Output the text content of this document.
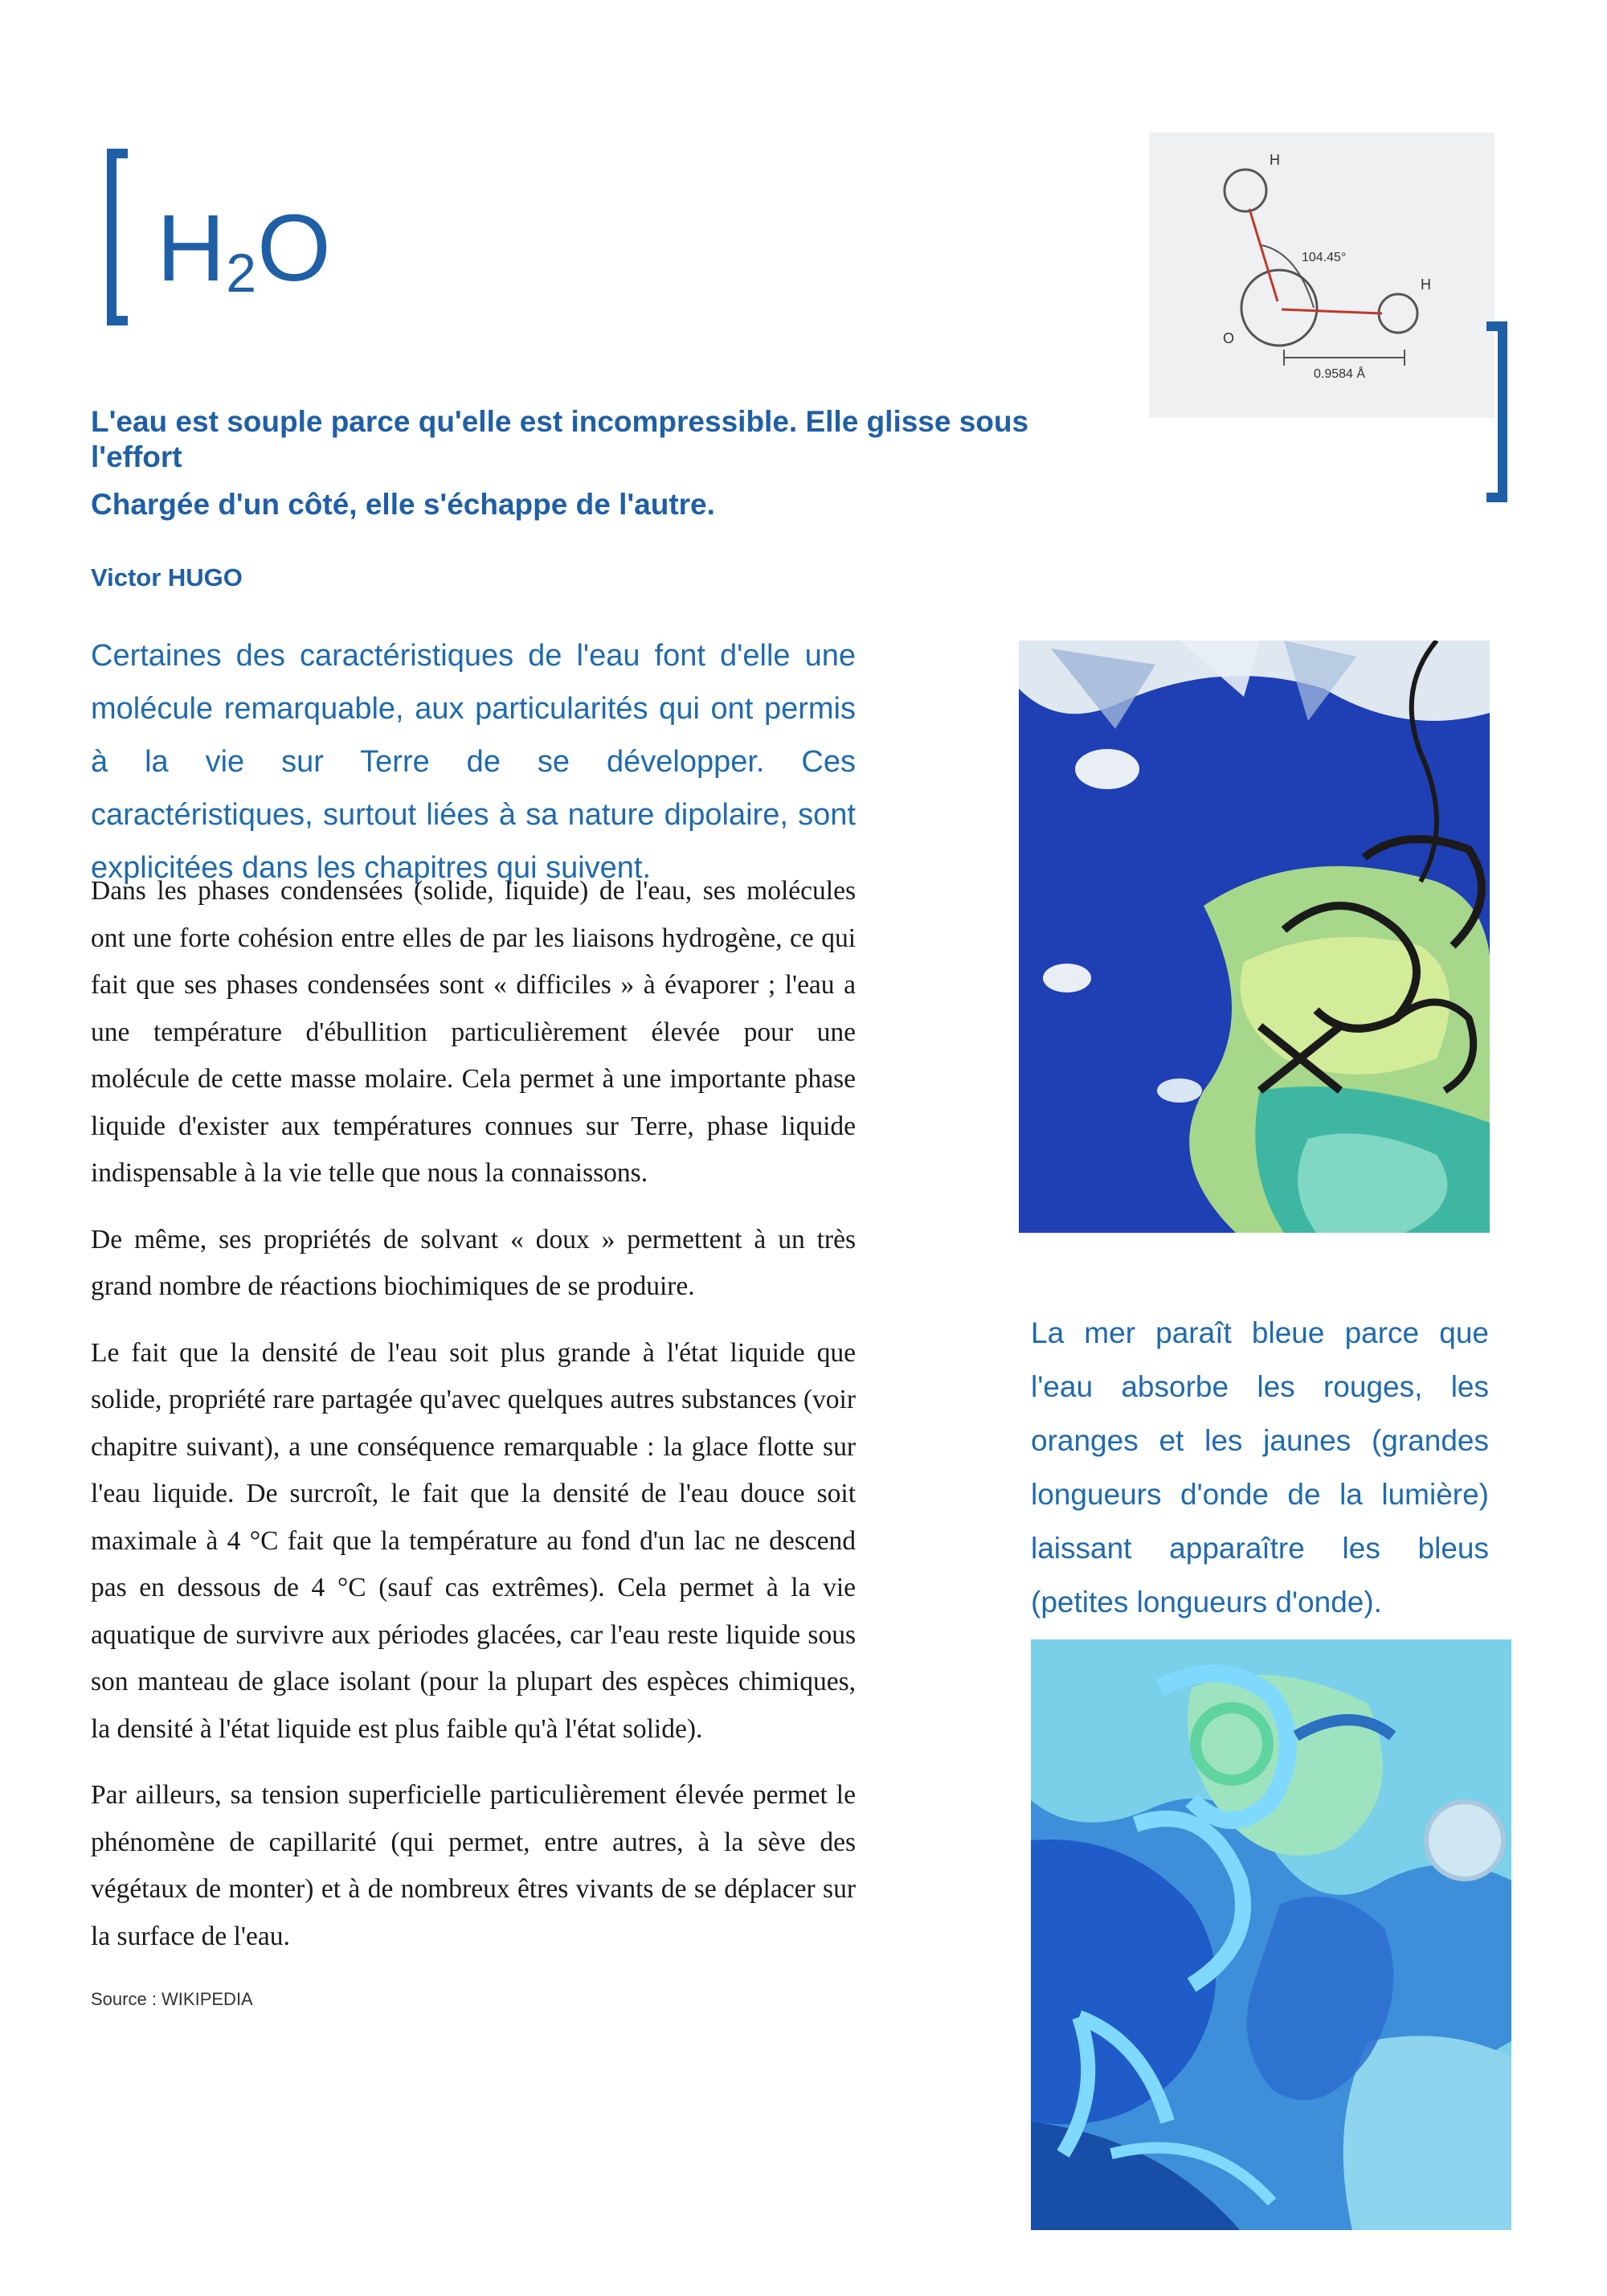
$H_2O$
H
H
O
104.45°
0.9584 Å
L'eau est souple parce qu'elle est incompressible. Elle glisse sous l'effort
Chargée d'un côté, elle s'échappe de l'autre.
Victor HUGO
Certaines des caractéristiques de l'eau font d'elle une molécule remarquable, aux particularités qui ont permis à la vie sur Terre de se développer. Ces caractéristiques, surtout liées à sa nature dipolaire, sont explicitées dans les chapitres qui suivent.

Dans les phases condensées (solide, liquide) de l'eau, ses molécules ont une forte cohésion entre elles de par les liaisons hydrogène, ce qui fait que ses phases condensées sont « difficiles » à évaporer ; l'eau a une température d'ébullition particulièrement élevée pour une molécule de cette masse molaire. Cela permet à une importante phase liquide d'exister aux températures connues sur Terre, phase liquide indispensable à la vie telle que nous la connaissons.

De même, ses propriétés de solvant « doux » permettent à un très grand nombre de réactions biochimiques de se produire.

Le fait que la densité de l'eau soit plus grande à l'état liquide que solide, propriété rare partagée qu'avec quelques autres substances (voir chapitre suivant), a une conséquence remarquable : la glace flotte sur l'eau liquide. De surcroît, le fait que la densité de l'eau douce soit maximale à 4 °C fait que la température au fond d'un lac ne descend pas en dessous de 4 °C (sauf cas extrêmes). Cela permet à la vie aquatique de survivre aux périodes glacées, car l'eau reste liquide sous son manteau de glace isolant (pour la plupart des espèces chimiques, la densité à l'état liquide est plus faible qu'à l'état solide).

Par ailleurs, sa tension superficielle particulièrement élevée permet le phénomène de capillarité (qui permet, entre autres, à la sève des végétaux de monter) et à de nombreux êtres vivants de se déplacer sur la surface de l'eau.

Source : WIKIPEDIA
La mer paraît bleue parce que l'eau absorbe les rouges, les oranges et les jaunes (grandes longueurs d'onde de la lumière) laissant apparaître les bleus (petites longueurs d'onde).
